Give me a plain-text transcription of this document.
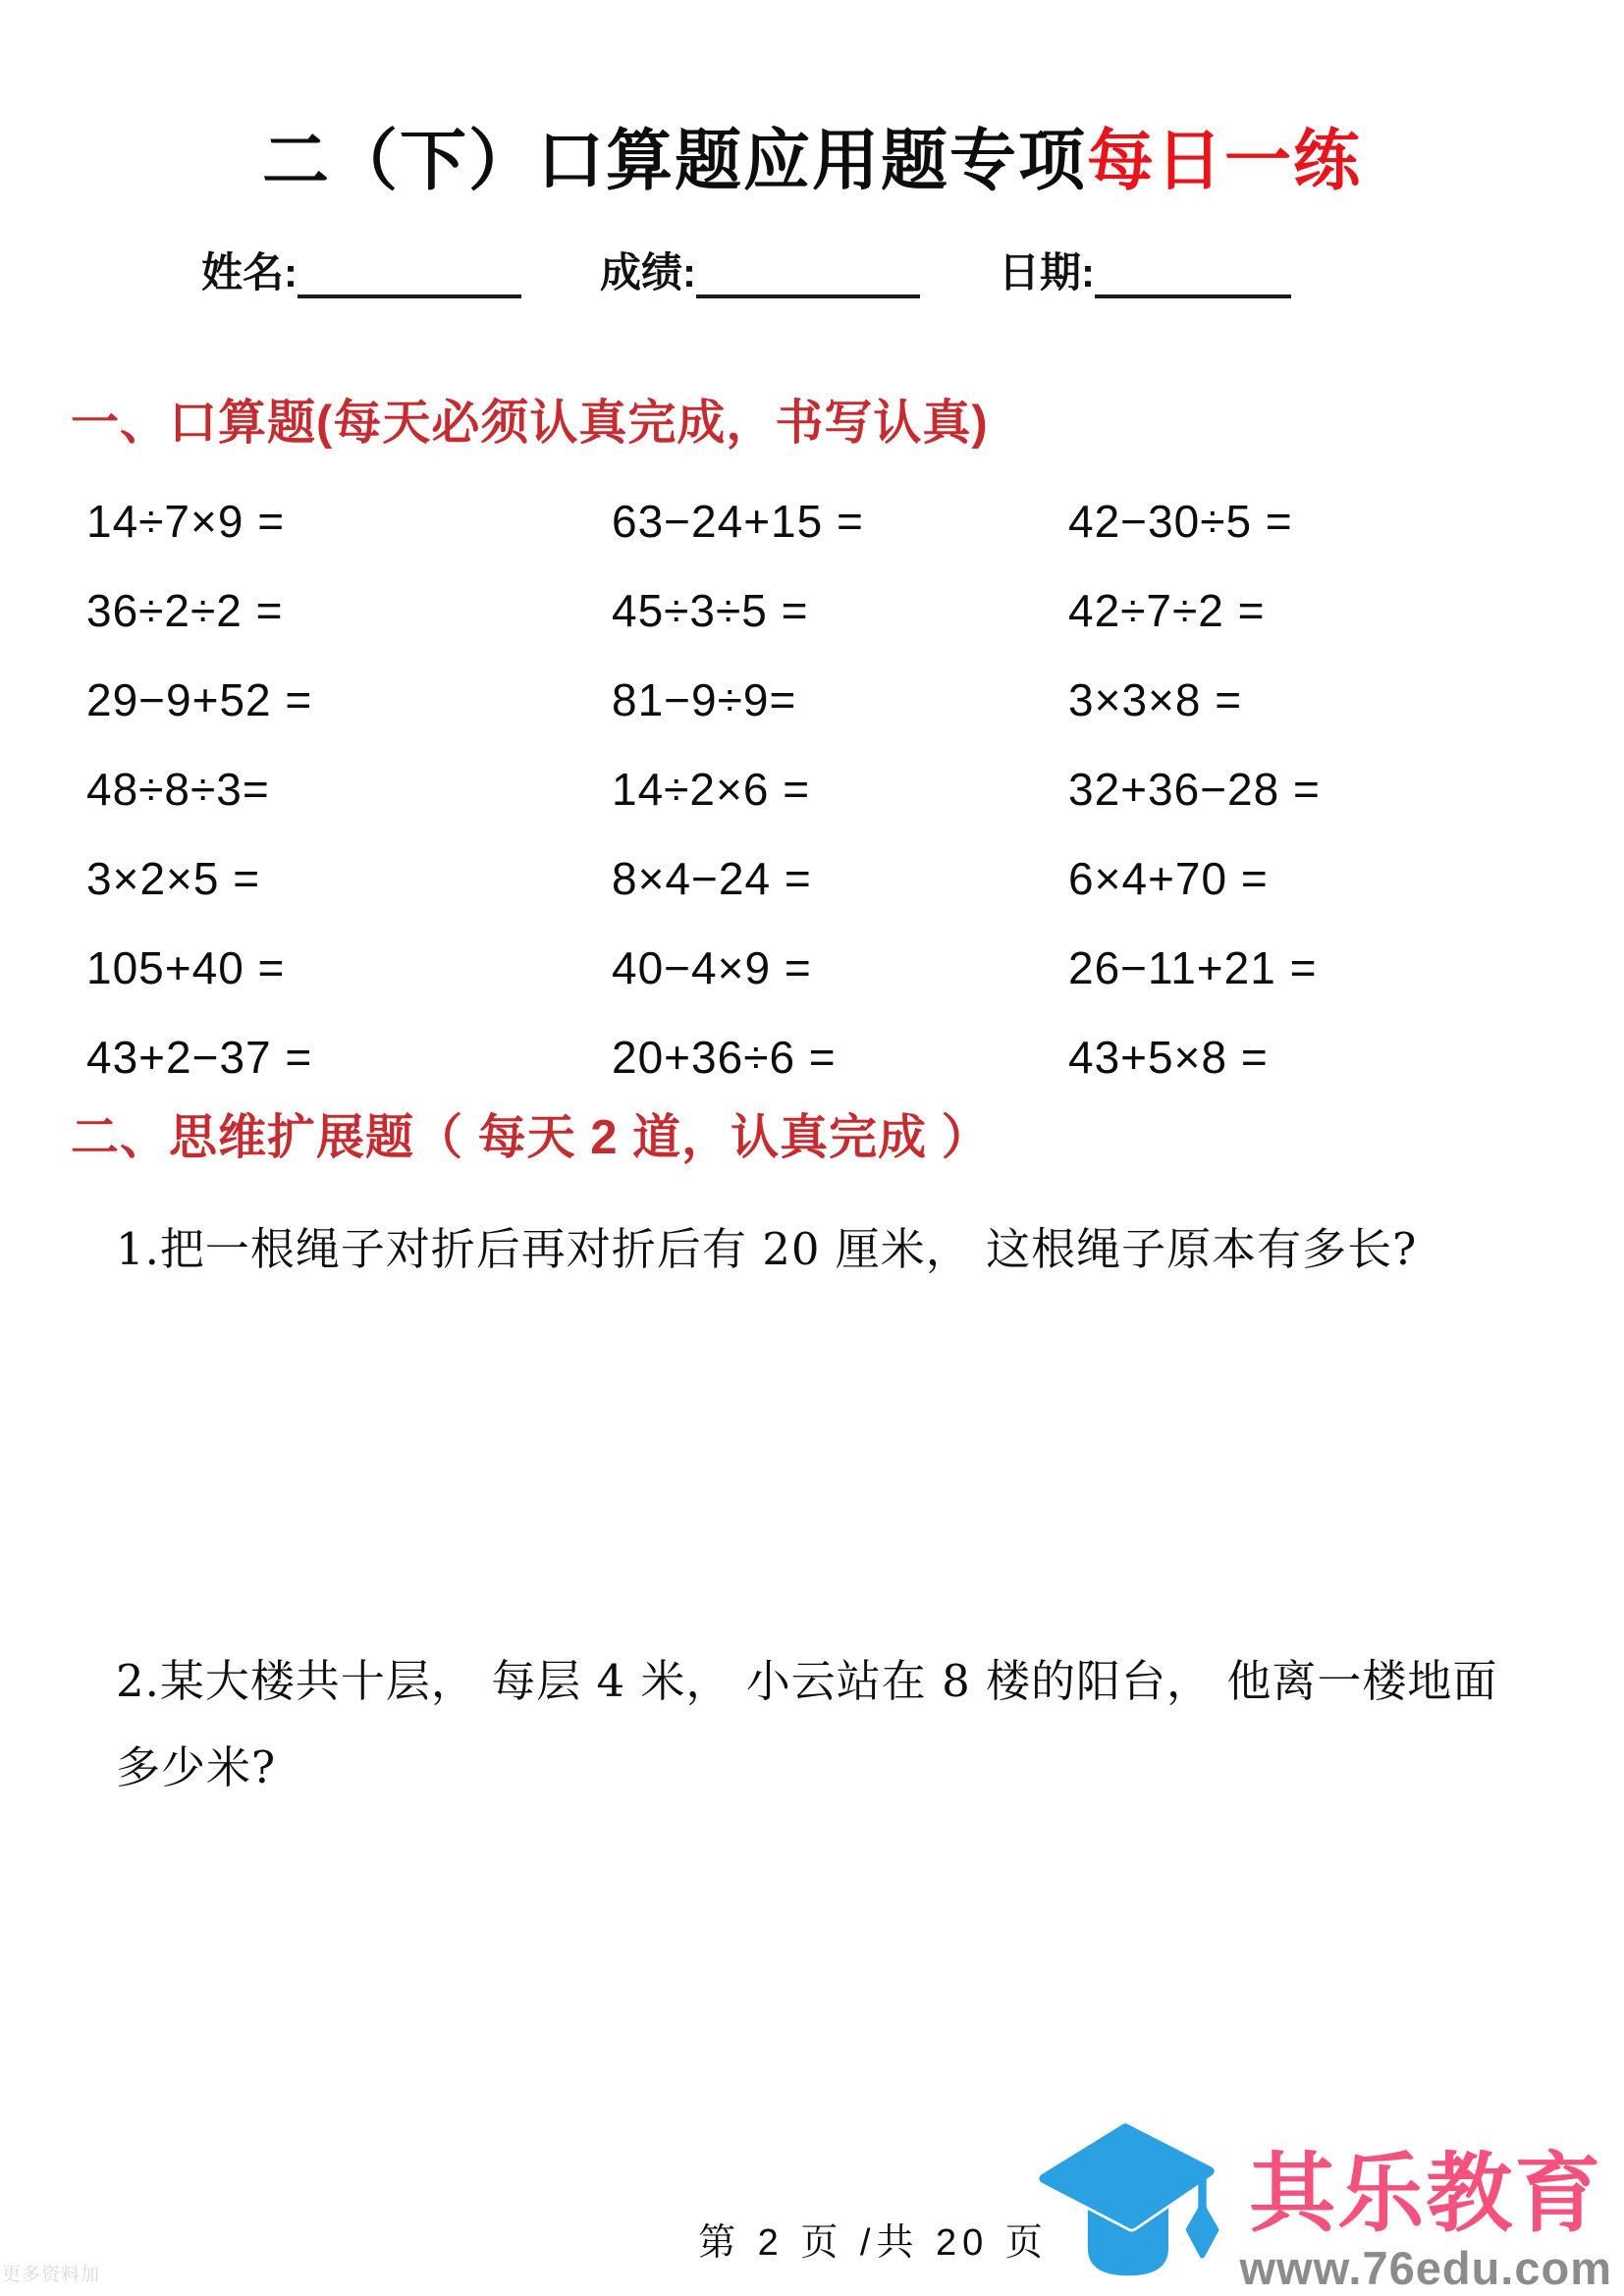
二（下）口算题应用题专项每日一练
姓名:	成绩:	日期:
一、口算题(每天必须认真完成，书写认真)
14÷7×9 =	63−24+15 =	42−30÷5 =
36÷2÷2 =	45÷3÷5 =	42÷7÷2 =
29−9+52 =	81−9÷9=	3×3×8 =
48÷8÷3=	14÷2×6 =	32+36−28 =
3×2×5 =	8×4−24 =	6×4+70 =
105+40 =	40−4×9 =	26−11+21 =
43+2−37 =	20+36÷6 =	43+5×8 =
二、思维扩展题（ 每天 2 道，认真完成 ）

1.把一根绳子对折后再对折后有 20 厘米， 这根绳子原本有多长?

2.某大楼共十层， 每层 4 米， 小云站在 8 楼的阳台， 他离一楼地面多少米?

第 2 页 /共 20 页
其乐教育
www.76edu.com
更多资料加
